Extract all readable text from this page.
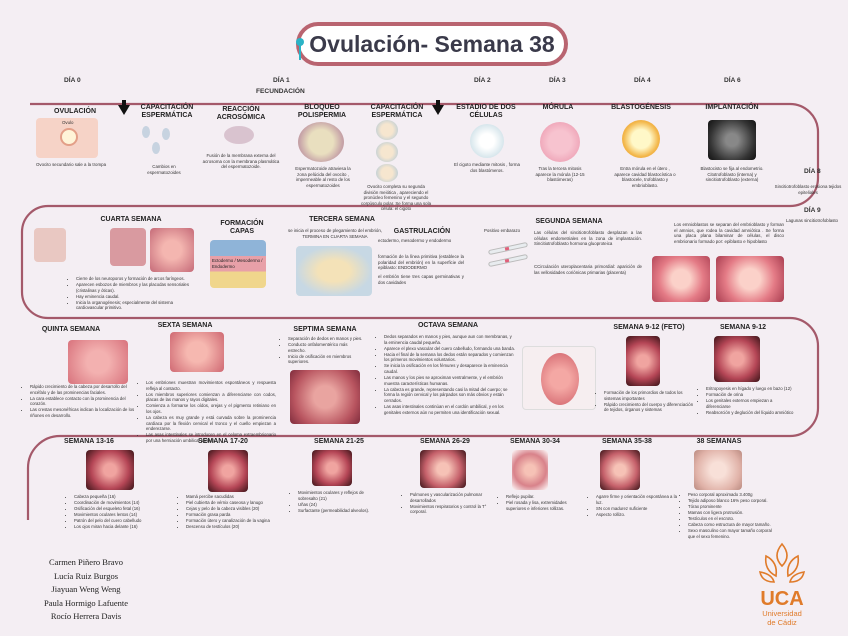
Ovulación- Semana 38
DÍA 0	DÍA 1
FECUNDACIÓN
DÍA 2	DÍA 3	DÍA 4	DÍA 6
DÍA 8
DÍA 9
OVULACIÓN
Ovulo
Ovocito secundario sale a la trompa
CAPACITACIÓN ESPERMÁTICA
Cambios en espermatozoides
REACCIÓN ACROSÓMICA
Fusión de la membrana externa del acrosoma con la membrana plasmática del espermatozoide.
BLOQUEO POLISPERMIA
Espermatozoide atraviesa la zona pelúcida del ovocito , impermeable al resto de los espermatozoides
CAPACITACIÓN ESPERMÁTICA
Ovocito completa su segunda división meiótica , apareciendo el pronúcleo femenino y el segundo corpúsculo polar. Se forma una sola célula: el cigoto
ESTADIO DE DOS CÉLULAS
El cigoto mediante mitosis , forma dos blastómeros.
MÓRULA
Tras la tercera mitosis aparece la mórula (12-15 blastómeras)
BLASTOGÉNESIS
Entra mórula en el útero , aparece cavidad blastocística o blastocele, trofoblasto y embrioblasto.
IMPLANTACIÓN
Blastocisto se fija al endometrio. Citotrofoblasto (interna) y sincitiotrofoblasto (externa)
Sincitiotrofoblasto erosiona tejidos epiteliales
Lagunas sincitiotrofoblasto
CUARTA SEMANA
• Cierre de los neuroporos y formación de arcos faríngeos.
• Aparecen esbozos de miembros y las placodas sensoriales (cristalinas y óticas).
• Hay eminencia caudal.
• Inicia la organogénesis; especialmente del sistema cardiovascular primitivo.
FORMACIÓN CAPAS
Ectodermo / Mesodermo / Endodermo
TERCERA SEMANA
se inicia el proceso de plegamiento del embrión, TERMINA EN CUARTA SEMANA
GASTRULACIÓN
ectodermo, mesodermo y endodermo
formación de la línea primitiva (establece la polaridad del embrión) en la superficie del epiblasto: ENDODERMO
el embrión tiene tres capas germinativas y dos cavidades
Positivo embarazo
SEGUNDA SEMANA
Las células del sincitiotrofoblasto desplazan a las células endometriales en la zona de implantación. Sincitiotrofoblasto hormona gluoproteica
CCirculación uteroplacentaria primordial: aparición de las vellosidades coriónicas primarias (placenta)
Los emnioblastos se separan del embrioblasto y forman el amnios, que rodea la cavidad amniótica . Se forma una placa plana bilaminar de células, el disco embrionario formado por: epiblasto e hipoblasto
QUINTA SEMANA
• Rápido crecimiento de la cabeza por desarrollo del encéfalo y de las prominencias faciales.
• La cara establece contacto con la prominencia del corazón.
• Las crestas mesonéfricas indican la localización de los riñones en desarrollo.
SEXTA SEMANA
• Los embriones muestran movimientos espontáneos y respuesta refleja al contacto.
• Los miembros superiores comienzan a diferenciarse con codos, placas de las manos y rayos digitales.
• Comienza a formarse los oídos, orejas y el pigmento retiniano en los ojos.
• La cabeza es muy grande y está curvada sobre la prominencia cardiaca por la flexión cervical el tronco y el cuello empiezan a enderezarse.
• Las asas intestinales se introducen en el celoma extraembrionario por una herniación umbilical normal.
SEPTIMA SEMANA
• Separación de dedos en manos y pies.
• Conducto onfalomentérico más estrecho.
• Inicio de osificación en miembros superiores.
OCTAVA SEMANA
• Dedos separados en manos y pies, aunque aun con membranas, y la eminencia caudal pequeña.
• Aparece el plexo vascular del cuero cabelludo, formando una banda.
• Hacia el final de la semana los dedos están separados y comienzan los primeros movimientos voluntarios.
• Se inicia la osificación en los fémures y desaparece la eminencia caudal.
• Las manos y los pies se aproximan ventralmente, y el embrión muestra características humanas.
• La cabeza es grande, representando casi la mitad del cuerpo; se forma la región cervical y los párpados son más obvios y están cerrados.
• Las asas intestinales continúan en el cordón umbilical, y en los genitales externos aún no permiten una identificación sexual.
SEMANA 9-12 (FETO)
• Formación de los primordios de todos los sistemas importantes
• Rápido crecimiento del cuerpo y diferenciación de tejidos, órganos y sistemas
SEMANA 9-12
• Eritropoyesis en hígado y luego en bazo (12)
• Formación de orina
• Los genitales externos empiezan a diferenciarse
• Reabsorción y deglución del líquido amniótico
SEMANA 13-16
• Cabeza pequeña (16)
• Coordinación de movimientos (14)
• Osificación del esqueleto fetal (16)
• Movimientos oculares lentos (14)
• Patrón del pelo del cuero cabelludo
• Los ojos miran hacia delante (16)
SEMANA 17-20
• Mamá percibe sacudidas
• Piel cubierta de vérnix caseosa y lanugo
• Cejas y pelo de la cabeza visibles (20)
• Formación grasa parda
• Formación útero y canalización de la vagina
• Descenso de testículos (20)
SEMANA 21-25
• Movimientos oculares y reflejos de sobresalto (21)
• Uñas (24)
• Surfactante (permeabilidad alveolos).
SEMANA 26-29
• Pulmones y vascularización pulmonar desarrollados
• Movimientos respiratorios y control la T° corporal.
SEMANA 30-34
• Reflejo pupilar.
• Piel rosada y lisa, extremidades superiores e inferiores rollizas.
SEMANA 35-38
• Agarre firme y orientación espontánea a la luz.
• SN con madurez suficiente
• Aspecto rollizo.
38 SEMANAS
• Peso corporal aproximado 3.400g
• Tejido adiposo blanco 16% peso corporal.
• Tórax prominente
• Mamas con ligera protrusión.
• Testículos en el escroto.
• Cabeza como estructura de mayor tamaño.
• Sexo masculino con mayor tamaño corporal que el sexo femenino.
Carmen Piñero Bravo
Lucía Ruiz Burgos
Jiayuan Weng Weng
Paula Hormigo Lafuente
Rocío Herrera Davis
UCA
Universidad
de Cádiz
